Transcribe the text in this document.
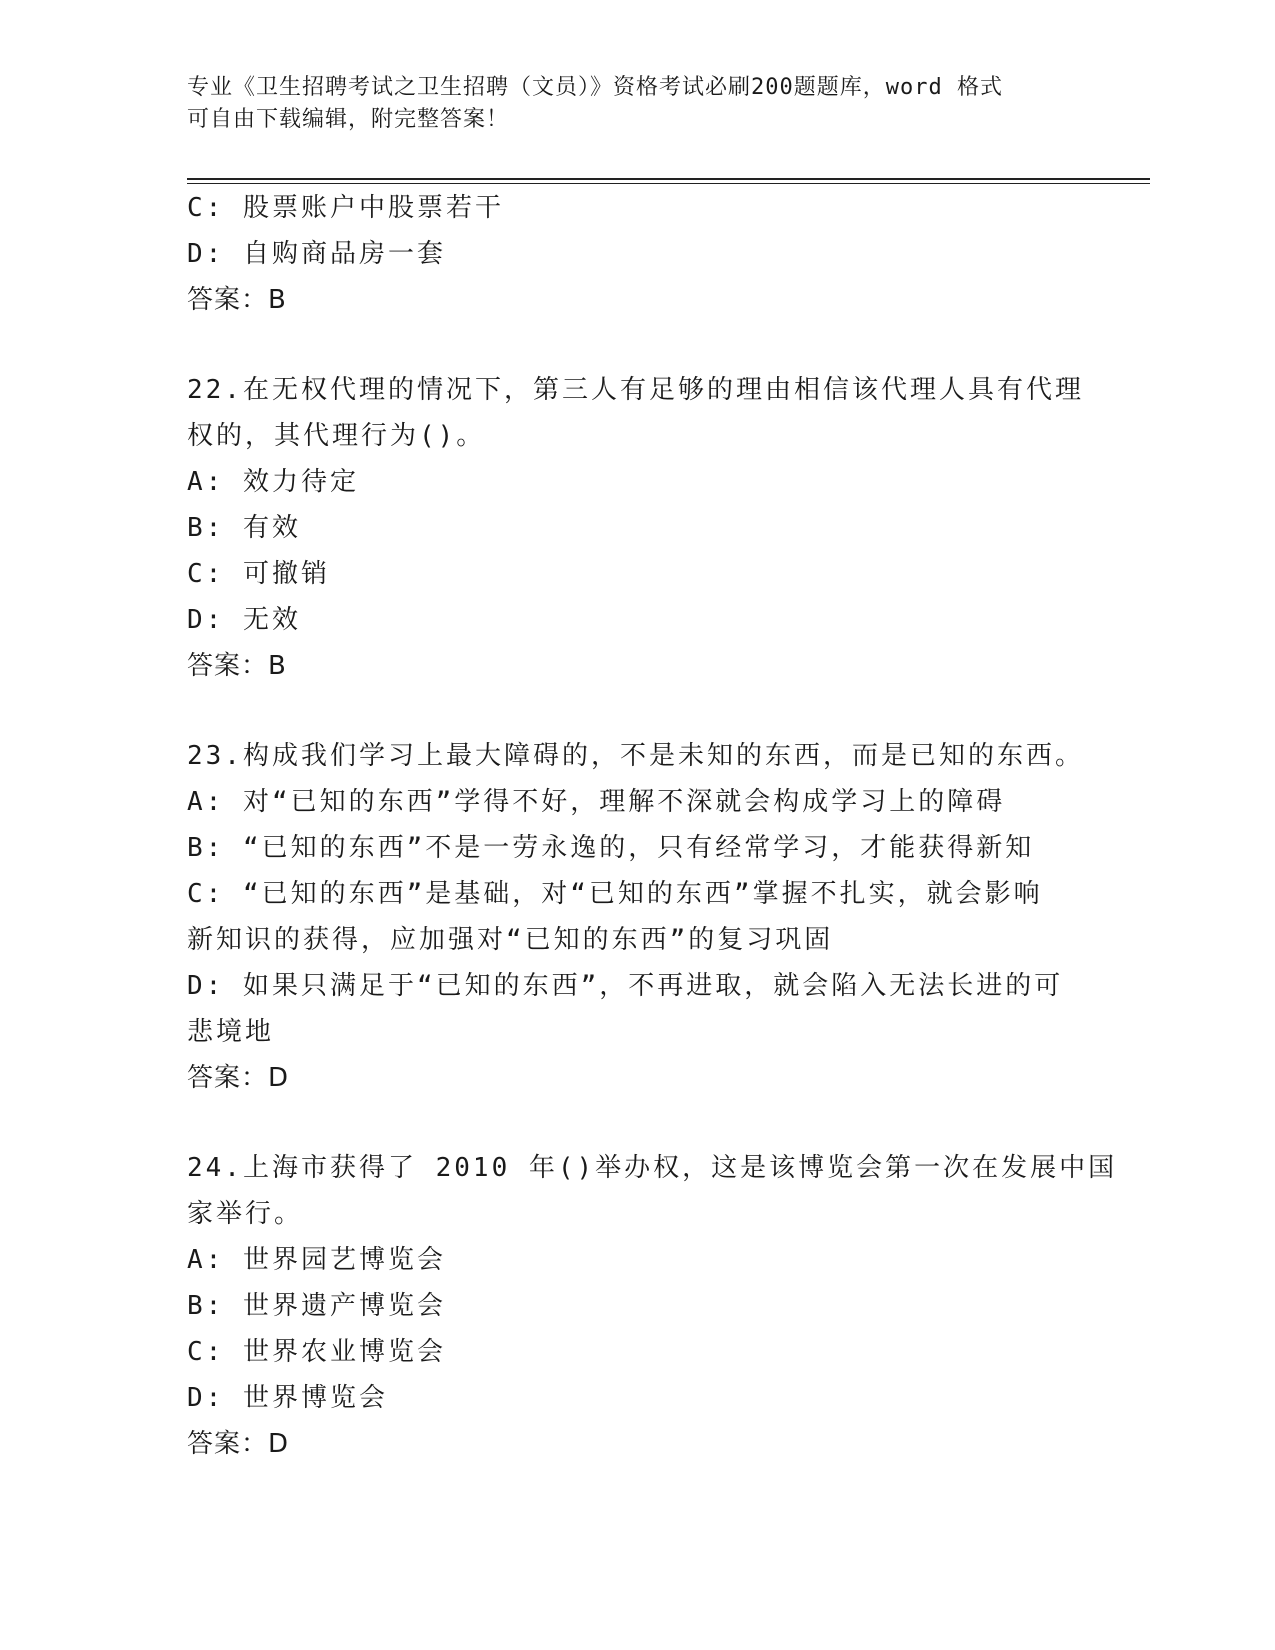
专业《卫生招聘考试之卫生招聘（文员）》资格考试必刷200题题库，word 格式
可自由下载编辑，附完整答案！
C: 股票账户中股票若干
D: 自购商品房一套
答案：B
22.在无权代理的情况下，第三人有足够的理由相信该代理人具有代理
权的，其代理行为()。
A: 效力待定
B: 有效
C: 可撤销
D: 无效
答案：B
23.构成我们学习上最大障碍的，不是未知的东西，而是已知的东西。
A: 对“已知的东西”学得不好，理解不深就会构成学习上的障碍
B: “已知的东西”不是一劳永逸的，只有经常学习，才能获得新知
C: “已知的东西”是基础，对“已知的东西”掌握不扎实，就会影响
新知识的获得，应加强对“已知的东西”的复习巩固
D: 如果只满足于“已知的东西”，不再进取，就会陷入无法长进的可
悲境地
答案：D
24.上海市获得了 2010 年()举办权，这是该博览会第一次在发展中国
家举行。
A: 世界园艺博览会
B: 世界遗产博览会
C: 世界农业博览会
D: 世界博览会
答案：D
